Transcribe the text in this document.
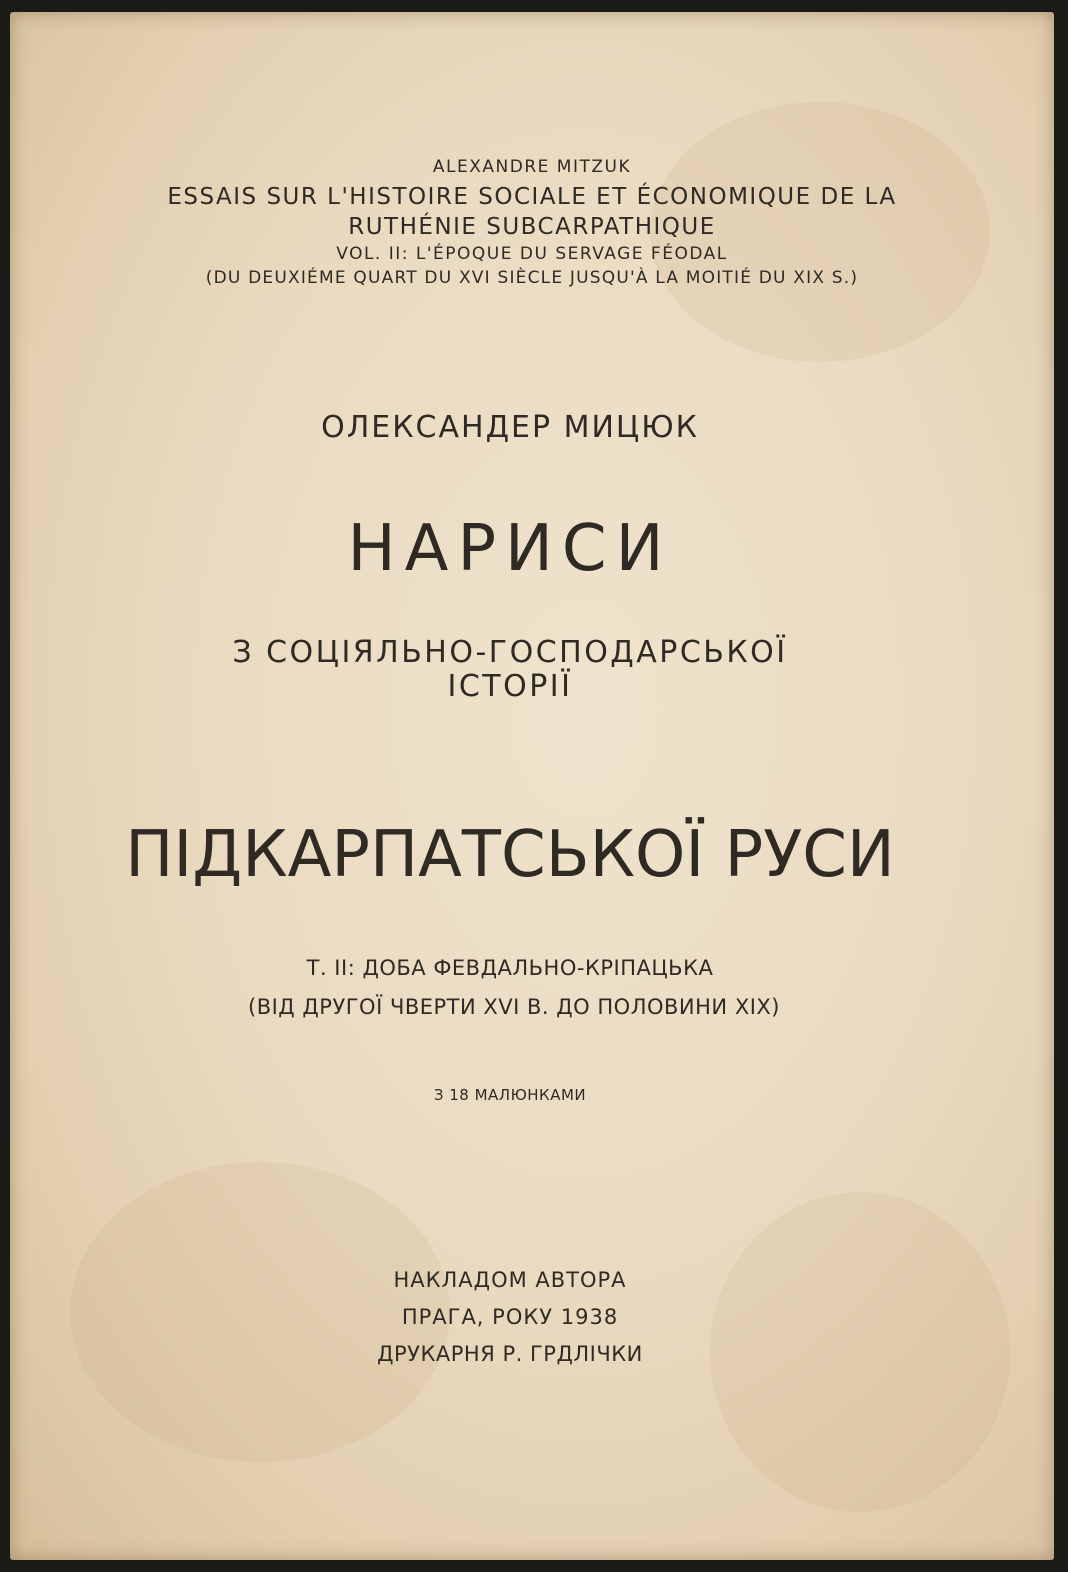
ALEXANDRE MITZUK
ESSAIS SUR L'HISTOIRE SOCIALE ET ÉCONOMIQUE DE LA
RUTHÉNIE SUBCARPATHIQUE
VOL. II: L'ÉPOQUE DU SERVAGE FÉODAL
(DU DEUXIÉME QUART DU XVI SIÈCLE JUSQU'À LA MOITIÉ DU XIX S.)
ОЛЕКСАНДЕР МИЦЮК
НАРИСИ
З СОЦІЯЛЬНО-ГОСПОДАРСЬКОЇ
ІСТОРІЇ
ПІДКАРПАТСЬКОЇ РУСИ
Т. II: ДОБА ФЕВДАЛЬНО-КРІПАЦЬКА
(ВІД ДРУГОЇ ЧВЕРТИ XVI В. ДО ПОЛОВИНИ XIX)
З 18 МАЛЮНКАМИ
НАКЛАДОМ АВТОРА
ПРАГА, РОКУ 1938
ДРУКАРНЯ Р. ГРДЛІЧКИ
